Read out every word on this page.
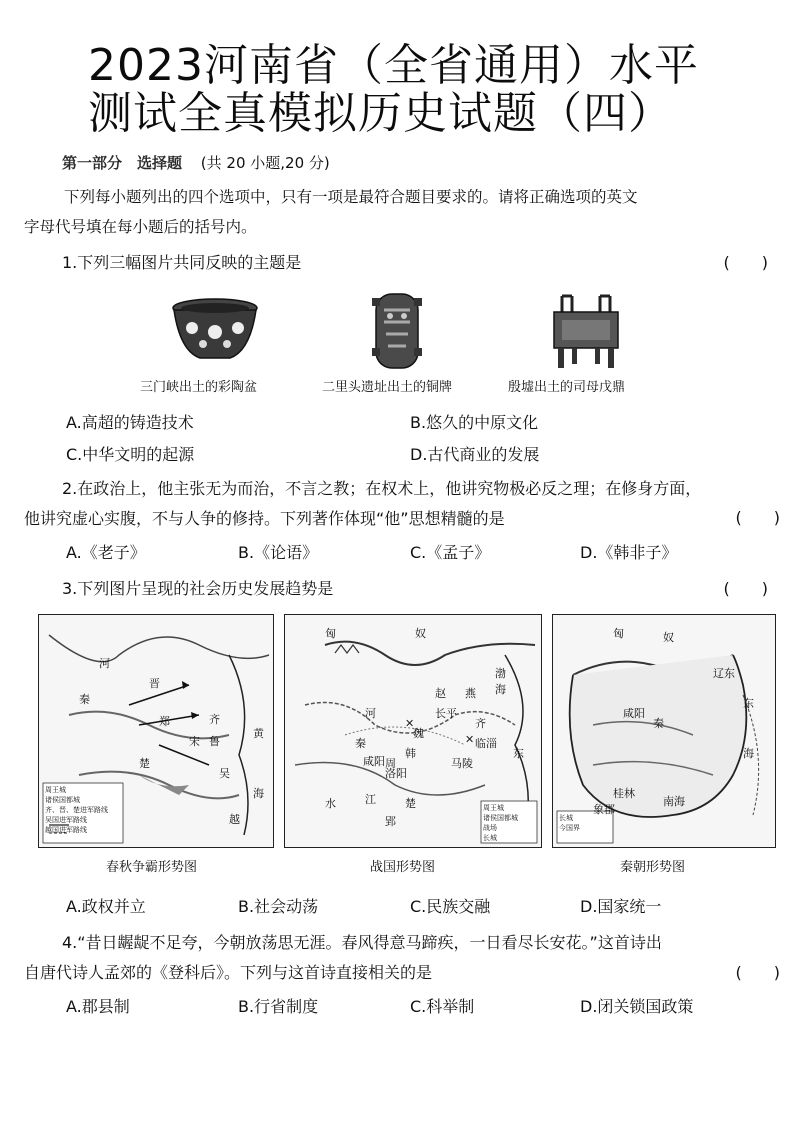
2023河南省（全省通用）水平
测试全真模拟历史试题（四）
第一部分　选择题 (共 20 小题,20 分)
下列每小题列出的四个选项中，只有一项是最符合题目要求的。请将正确选项的英文
字母代号填在每小题后的括号内。
1.下列三幅图片共同反映的主题是	(　　)
三门峡出土的彩陶盆	二里头遗址出土的铜牌	殷墟出土的司母戊鼎
A.高超的铸造技术	B.悠久的中原文化
C.中华文明的起源	D.古代商业的发展
2.在政治上，他主张无为而治，不言之教；在权术上，他讲究物极必反之理；在修身方面，
他讲究虚心实腹，不与人争的修持。下列著作体现“他”思想精髓的是	(　　)
A.《老子》	B.《论语》	C.《孟子》	D.《韩非子》
3.下列图片呈现的社会历史发展趋势是	(　　)
晋
齐
秦
楚
吴
越
宋
郑
鲁
黄
海
河
周王城
诸侯国都城
齐、晋、楚进军路线
吴国进军路线
越国进军路线
春秋争霸形势图
✕
✕
匈	奴
燕
赵
魏
韩
齐
秦
楚
周
咸阳
长平
洛阳
临淄
马陵
郢
渤
海
东
河
江
水	周王城
诸侯国都城
战场
长城
战国形势图
匈	奴
辽东
咸阳
秦
桂林
象郡
南海
东
海
长城
今国界
秦朝形势图
A.政权并立	B.社会动荡	C.民族交融	D.国家统一
4.“昔日龌龊不足夸，今朝放荡思无涯。春风得意马蹄疾，一日看尽长安花。”这首诗出
自唐代诗人孟郊的《登科后》。下列与这首诗直接相关的是	(　　)
A.郡县制	B.行省制度	C.科举制	D.闭关锁国政策
